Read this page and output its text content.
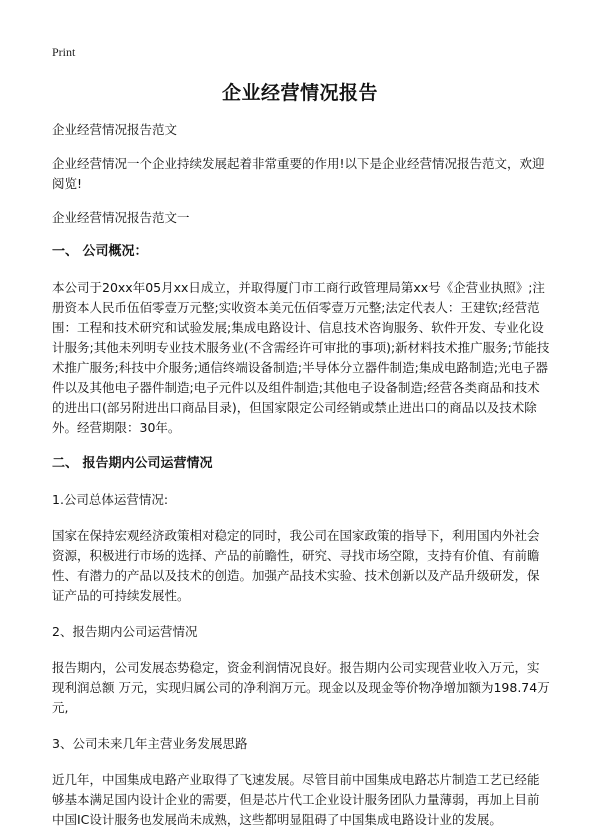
Print
企业经营情况报告

企业经营情况报告范文

企业经营情况一个企业持续发展起着非常重要的作用!以下是企业经营情况报告范文，欢迎阅览!

企业经营情况报告范文一

一、 公司概况：

本公司于20xx年05月xx日成立，并取得厦门市工商行政管理局第xx号《企营业执照》;注册资本人民币伍佰零壹万元整;实收资本美元伍佰零壹万元整;法定代表人：王建钦;经营范围：工程和技术研究和试验发展;集成电路设计、信息技术咨询服务、软件开发、专业化设计服务;其他未列明专业技术服务业(不含需经许可审批的事项);新材料技术推广服务;节能技术推广服务;科技中介服务;通信终端设备制造;半导体分立器件制造;集成电路制造;光电子器件以及其他电子器件制造;电子元件以及组件制造;其他电子设备制造;经营各类商品和技术的进出口(部另附进出口商品目录)，但国家限定公司经销或禁止进出口的商品以及技术除外。经营期限：30年。

二、 报告期内公司运营情况

1.公司总体运营情况:

国家在保持宏观经济政策相对稳定的同时，我公司在国家政策的指导下，利用国内外社会资源，积极进行市场的选择、产品的前瞻性，研究、寻找市场空隙，支持有价值、有前瞻性、有潜力的产品以及技术的创造。加强产品技术实验、技术创新以及产品升级研发，保证产品的可持续发展性。

2、报告期内公司运营情况

报告期内，公司发展态势稳定，资金利润情况良好。报告期内公司实现营业收入万元，实现利润总额 万元，实现归属公司的净利润万元。现金以及现金等价物净增加额为198.74万元,

3、公司未来几年主营业务发展思路

近几年，中国集成电路产业取得了飞速发展。尽管目前中国集成电路芯片制造工艺已经能够基本满足国内设计企业的需要，但是芯片代工企业设计服务团队力量薄弱，再加上目前中国IC设计服务也发展尚未成熟，这些都明显阻碍了中国集成电路设计业的发展。
